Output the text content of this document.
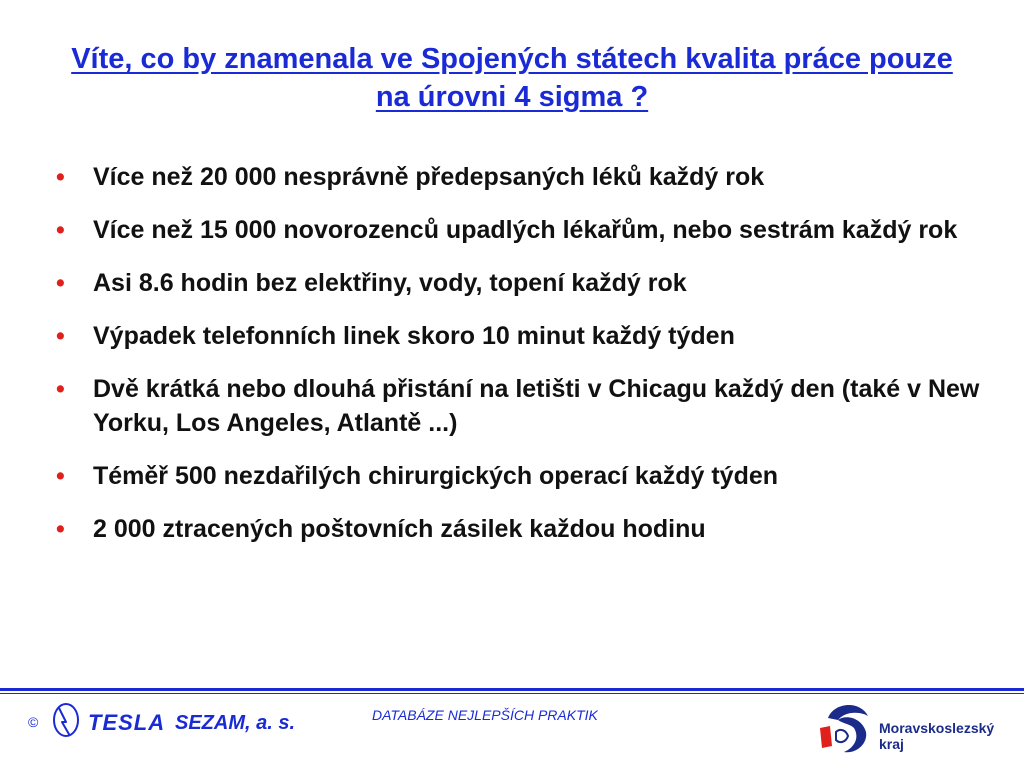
Víte, co by znamenala ve Spojených státech kvalita práce pouze na úrovni 4 sigma ?
• Více než 20 000 nesprávně předepsaných léků každý rok
• Více než 15 000 novorozenců upadlých lékařům, nebo sestrám každý rok
• Asi 8.6 hodin bez elektřiny, vody, topení každý rok
• Výpadek telefonních linek skoro 10 minut každý týden
• Dvě krátká nebo dlouhá přistání na letišti v Chicagu každý den (také v New Yorku, Los Angeles, Atlantě ...)
• Téměř 500 nezdařilých chirurgických operací každý týden
• 2 000 ztracených poštovních zásilek každou hodinu
© TESLA SEZAM, a. s.	DATABÁZE NEJLEPŠÍCH PRAKTIK
Moravskoslezský
kraj
